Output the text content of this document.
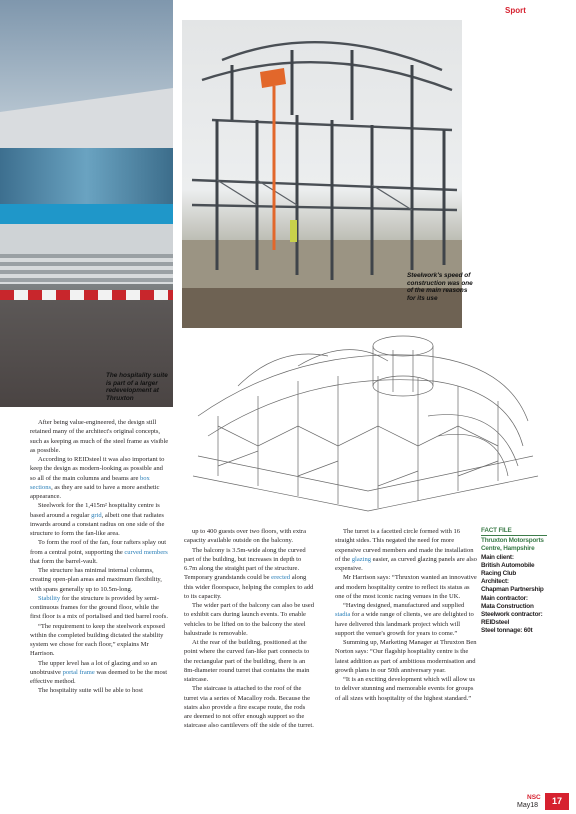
The hospitality suite is part of a larger redevelopment at Thruxton
Steelwork's speed of construction was one of the main reasons for its use
Sport

After being value-engineered, the design still retained many of the architect's original concepts, such as keeping as much of the steel frame as visible as possible.

According to REIDsteel it was also important to keep the design as modern-looking as possible and so all of the main columns and beams are box sections, as they are said to have a more aesthetic appearance.

Steelwork for the 1,415m² hospitality centre is based around a regular grid, albeit one that radiates inwards around a constant radius on one side of the structure to form the fan-like area.

To form the roof of the fan, four rafters splay out from a central point, supporting the curved members that form the barrel-vault.

The structure has minimal internal columns, creating open-plan areas and maximum flexibility, with spans generally up to 10.5m-long.

Stability for the structure is provided by semi-continuous frames for the ground floor, while the first floor is a mix of portalised and tied barrel roofs.

“The requirement to keep the steelwork exposed within the completed building dictated the stability system we chose for each floor,” explains Mr Harrison.

The upper level has a lot of glazing and so an unobtrusive portal frame was deemed to be the most effective method.

The hospitality suite will be able to host

up to 400 guests over two floors, with extra capacity available outside on the balcony.

The balcony is 3.5m-wide along the curved part of the building, but increases in depth to 6.7m along the straight part of the structure. Temporary grandstands could be erected along this wider floorspace, helping the complex to add to its capacity.

The wider part of the balcony can also be used to exhibit cars during launch events. To enable vehicles to be lifted on to the balcony the steel balustrade is removable.

At the rear of the building, positioned at the point where the curved fan-like part connects to the rectangular part of the building, there is an 8m-diameter round turret that contains the main staircase.

The staircase is attached to the roof of the turret via a series of Macalloy rods. Because the stairs also provide a fire escape route, the rods are deemed to not offer enough support so the staircase also cantilevers off the side of the turret.

The turret is a facetted circle formed with 16 straight sides. This negated the need for more expensive curved members and made the installation of the glazing easier, as curved glazing panels are also expensive.

Mr Harrison says: “Thruxton wanted an innovative and modern hospitality centre to reflect its status as one of the most iconic racing venues in the UK.

“Having designed, manufactured and supplied stadia for a wide range of clients, we are delighted to have delivered this landmark project which will support the venue's growth for years to come.”

Summing up, Marketing Manager at Thruxton Ben Norton says: “Our flagship hospitality centre is the latest addition as part of ambitious modernisation and growth plans in our 50th anniversary year.

“It is an exciting development which will allow us to deliver stunning and memorable events for groups of all sizes with hospitality of the highest standard.”

FACT FILE
Thruxton Motorsports Centre, Hampshire
Main client:
British Automobile Racing Club
Architect:
Chapman Partnership
Main contractor:
Mata Construction
Steelwork contractor:
REIDsteel
Steel tonnage: 60t
NSC
May18	17
